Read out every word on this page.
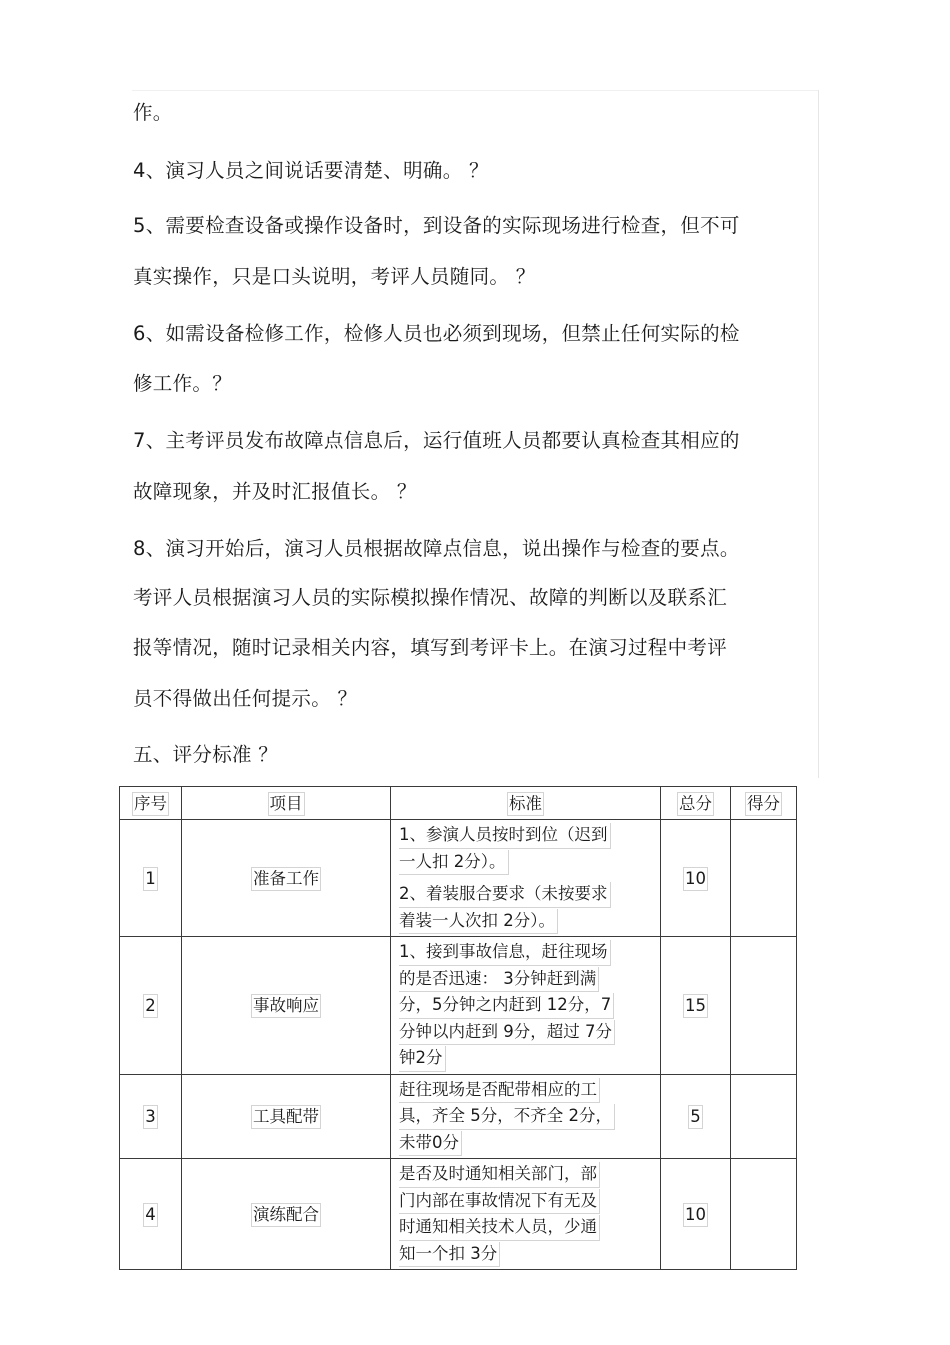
作。
4、演习人员之间说话要清楚、明确。 ？
5、需要检查设备或操作设备时，到设备的实际现场进行检查，但不可
真实操作，只是口头说明，考评人员随同。 ？
6、如需设备检修工作，检修人员也必须到现场，但禁止任何实际的检
修工作。？
7、主考评员发布故障点信息后，运行值班人员都要认真检查其相应的
故障现象，并及时汇报值长。 ？
8、演习开始后，演习人员根据故障点信息，说出操作与检查的要点。
考评人员根据演习人员的实际模拟操作情况、故障的判断以及联系汇
报等情况，随时记录相关内容，填写到考评卡上。在演习过程中考评
员不得做出任何提示。 ？
五、评分标准 ？
序号	项目	标准	总分	得分
1	准备工作	1、参演人员按时到位（迟到
一人扣 2分）。
2、着装服合要求（未按要求
着装一人次扣 2分）。	10	
2	事故响应	1、接到事故信息，赶往现场
的是否迅速： 3分钟赶到满
分，5分钟之内赶到 12分，7
分钟以内赶到 9分，超过 7分
钟2分	15	
3	工具配带	赶往现场是否配带相应的工
具，齐全 5分，不齐全 2分，
未带0分	5	
4	演练配合	是否及时通知相关部门，部
门内部在事故情况下有无及
时通知相关技术人员，少通
知一个扣 3分	10	
